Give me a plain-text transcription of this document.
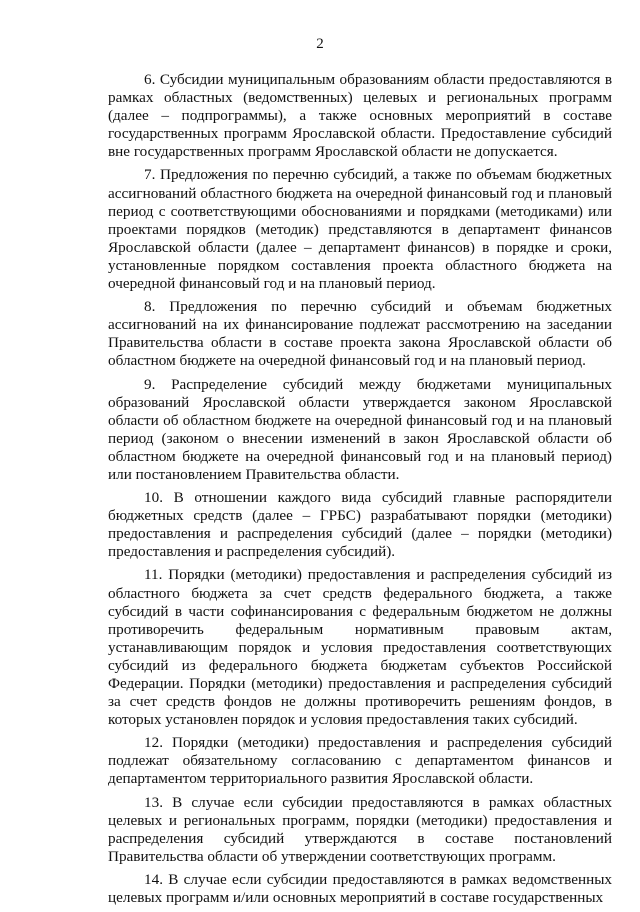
2

6. Субсидии муниципальным образованиям области предоставляются в рамках областных (ведомственных) целевых и региональных программ (далее – подпрограммы), а также основных мероприятий в составе государственных программ Ярославской области. Предоставление субсидий вне государственных программ Ярославской области не допускается.

7. Предложения по перечню субсидий, а также по объемам бюджетных ассигнований областного бюджета на очередной финансовый год и плановый период с соответствующими обоснованиями и порядками (методиками) или проектами порядков (методик) представляются в департамент финансов Ярославской области (далее – департамент финансов) в порядке и сроки, установленные порядком составления проекта областного бюджета на очередной финансовый год и на плановый период.

8. Предложения по перечню субсидий и объемам бюджетных ассигнований на их финансирование подлежат рассмотрению на заседании Правительства области в составе проекта закона Ярославской области об областном бюджете на очередной финансовый год и на плановый период.

9. Распределение субсидий между бюджетами муниципальных образований Ярославской области утверждается законом Ярославской области об областном бюджете на очередной финансовый год и на плановый период (законом о внесении изменений в закон Ярославской области об областном бюджете на очередной финансовый год и на плановый период) или постановлением Правительства области.

10. В отношении каждого вида субсидий главные распорядители бюджетных средств (далее – ГРБС) разрабатывают порядки (методики) предоставления и распределения субсидий (далее – порядки (методики) предоставления и распределения субсидий).

11. Порядки (методики) предоставления и распределения субсидий из областного бюджета за счет средств федерального бюджета, а также субсидий в части софинансирования с федеральным бюджетом не должны противоречить федеральным нормативным правовым актам, устанавливающим порядок и условия предоставления соответствующих субсидий из федерального бюджета бюджетам субъектов Российской Федерации. Порядки (методики) предоставления и распределения субсидий за счет средств фондов не должны противоречить решениям фондов, в которых установлен порядок и условия предоставления таких субсидий.

12. Порядки (методики) предоставления и распределения субсидий подлежат обязательному согласованию с департаментом финансов и департаментом территориального развития Ярославской области.

13. В случае если субсидии предоставляются в рамках областных целевых и региональных программ, порядки (методики) предоставления и распределения субсидий утверждаются в составе постановлений Правительства области об утверждении соответствующих программ.

14. В случае если субсидии предоставляются в рамках ведомственных целевых программ и/или основных мероприятий в составе государственных
